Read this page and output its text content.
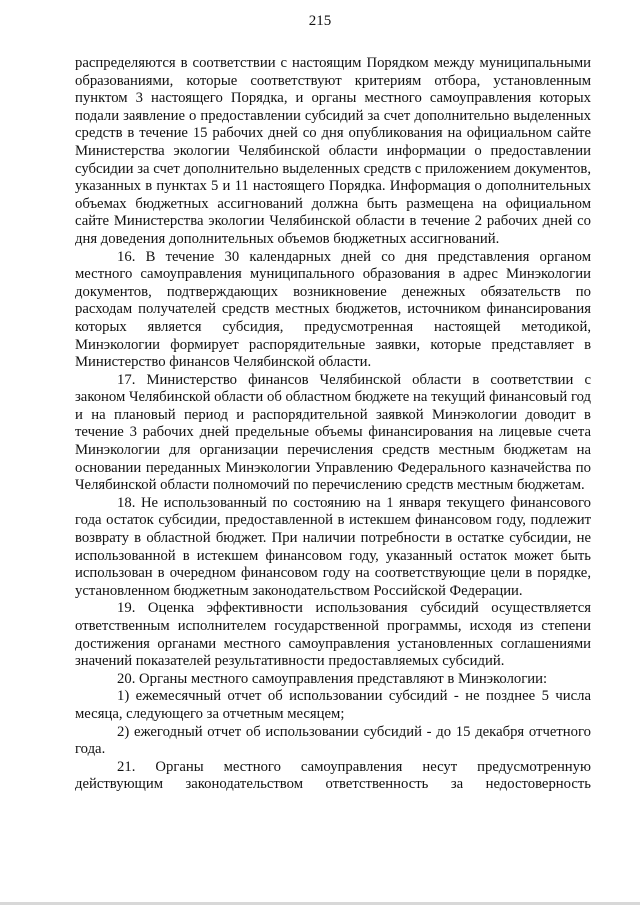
215

распределяются в соответствии с настоящим Порядком между муниципальными образованиями, которые соответствуют критериям отбора, установленным пунктом 3 настоящего Порядка, и органы местного самоуправления которых подали заявление о предоставлении субсидий за счет дополнительно выделенных средств в течение 15 рабочих дней со дня опубликования на официальном сайте Министерства экологии Челябинской области информации о предоставлении субсидии за счет дополнительно выделенных средств с приложением документов, указанных в пунктах 5 и 11 настоящего Порядка. Информация о дополнительных объемах бюджетных ассигнований должна быть размещена на официальном сайте Министерства экологии Челябинской области в течение 2 рабочих дней со дня доведения дополнительных объемов бюджетных ассигнований.

16. В течение 30 календарных дней со дня представления органом местного самоуправления муниципального образования в адрес Минэкологии документов, подтверждающих возникновение денежных обязательств по расходам получателей средств местных бюджетов, источником финансирования которых является субсидия, предусмотренная настоящей методикой, Минэкологии формирует распорядительные заявки, которые представляет в Министерство финансов Челябинской области.

17. Министерство финансов Челябинской области в соответствии с законом Челябинской области об областном бюджете на текущий финансовый год и на плановый период и распорядительной заявкой Минэкологии доводит в течение 3 рабочих дней предельные объемы финансирования на лицевые счета Минэкологии для организации перечисления средств местным бюджетам на основании переданных Минэкологии Управлению Федерального казначейства по Челябинской области полномочий по перечислению средств местным бюджетам.

18. Не использованный по состоянию на 1 января текущего финансового года остаток субсидии, предоставленной в истекшем финансовом году, подлежит возврату в областной бюджет. При наличии потребности в остатке субсидии, не использованной в истекшем финансовом году, указанный остаток может быть использован в очередном финансовом году на соответствующие цели в порядке, установленном бюджетным законодательством Российской Федерации.

19. Оценка эффективности использования субсидий осуществляется ответственным исполнителем государственной программы, исходя из степени достижения органами местного самоуправления установленных соглашениями значений показателей результативности предоставляемых субсидий.

20. Органы местного самоуправления представляют в Минэкологии:

1) ежемесячный отчет об использовании субсидий - не позднее 5 числа месяца, следующего за отчетным месяцем;

2) ежегодный отчет об использовании субсидий - до 15 декабря отчетного года.

21. Органы местного самоуправления несут предусмотренную действующим законодательством ответственность за недостоверность
